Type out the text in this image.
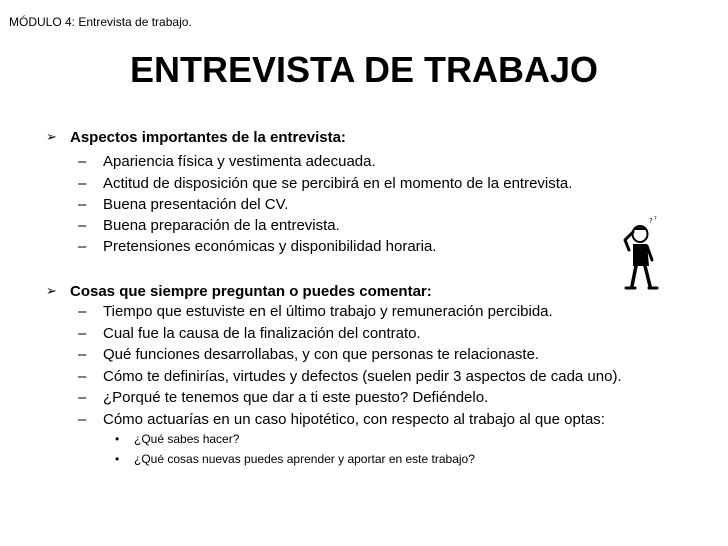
MÓDULO 4: Entrevista de trabajo.
ENTREVISTA DE TRABAJO
➢ Aspectos importantes de la entrevista:
– Apariencia física y vestimenta adecuada.
– Actitud de disposición que se percibirá en el momento de la entrevista.
– Buena presentación del CV.
– Buena preparación de la entrevista.
– Pretensiones económicas y disponibilidad horaria.
➢ Cosas que siempre preguntan o puedes comentar:
– Tiempo que estuviste en el último trabajo y remuneración percibida.
– Cual fue la causa de la finalización del contrato.
– Qué funciones desarrollabas, y con que personas te relacionaste.
– Cómo te definirías, virtudes y defectos (suelen pedir 3 aspectos de cada uno).
– ¿Porqué te tenemos que dar a ti este puesto? Defiéndelo.
– Cómo actuarías en un caso hipotético, con respecto al trabajo al que optas:
• ¿Qué sabes hacer?
• ¿Qué cosas nuevas puedes aprender y aportar en este trabajo?
? ?
